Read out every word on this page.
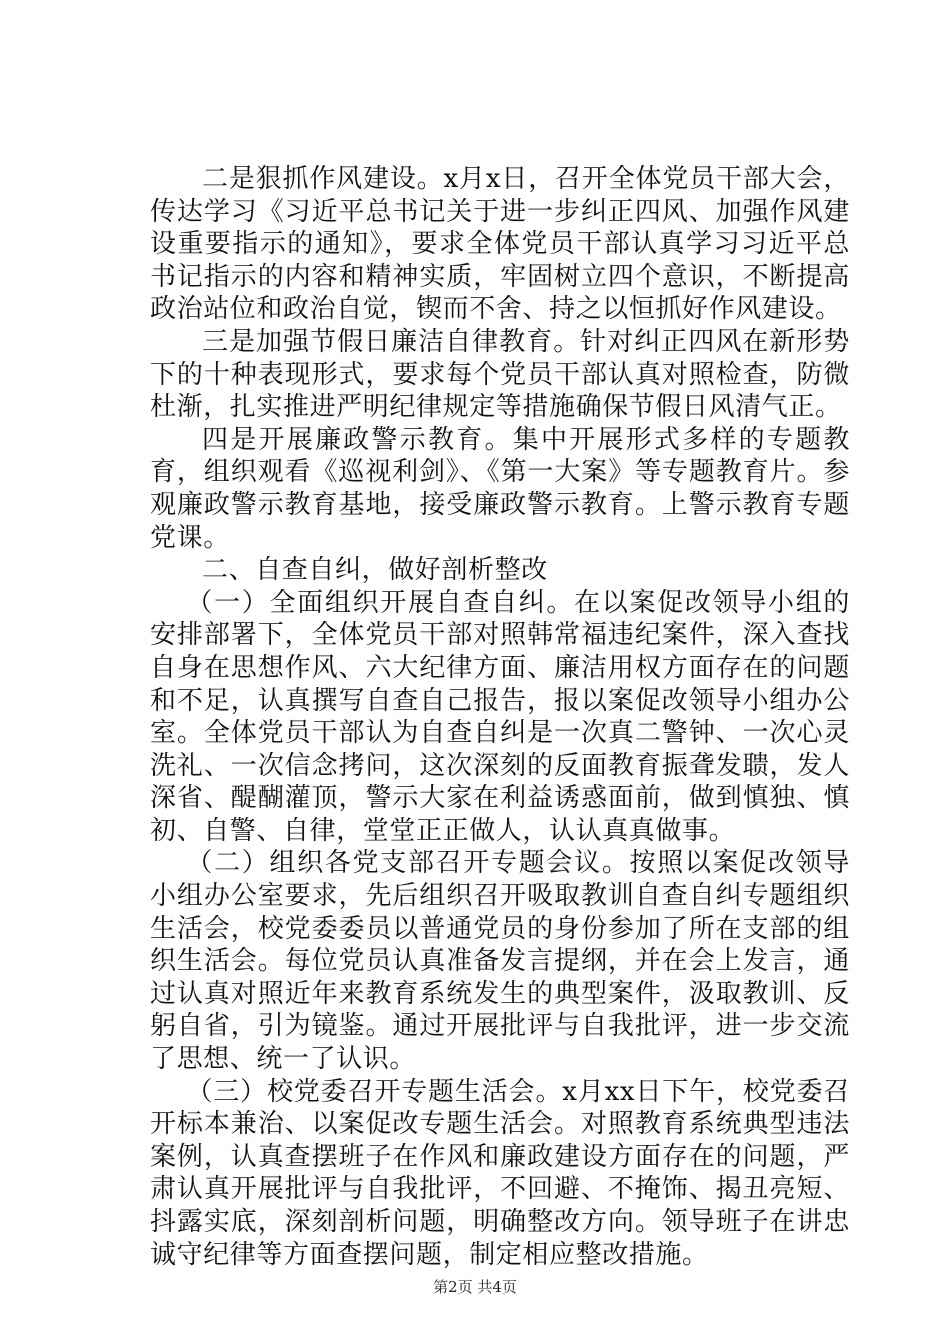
二是狠抓作风建设。x月x日，召开全体党员干部大会，传达学习《习近平总书记关于进一步纠正四风、加强作风建设重要指示的通知》，要求全体党员干部认真学习习近平总书记指示的内容和精神实质，牢固树立四个意识，不断提高政治站位和政治自觉，锲而不舍、持之以恒抓好作风建设。

三是加强节假日廉洁自律教育。针对纠正四风在新形势下的十种表现形式，要求每个党员干部认真对照检查，防微杜渐，扎实推进严明纪律规定等措施确保节假日风清气正。

四是开展廉政警示教育。集中开展形式多样的专题教育，组织观看《巡视利剑》、《第一大案》等专题教育片。参观廉政警示教育基地，接受廉政警示教育。上警示教育专题党课。

二、自查自纠，做好剖析整改

（一）全面组织开展自查自纠。在以案促改领导小组的安排部署下，全体党员干部对照韩常福违纪案件，深入查找自身在思想作风、六大纪律方面、廉洁用权方面存在的问题和不足，认真撰写自查自己报告，报以案促改领导小组办公室。全体党员干部认为自查自纠是一次真二警钟、一次心灵洗礼、一次信念拷问，这次深刻的反面教育振聋发聩，发人深省、醍醐灌顶，警示大家在利益诱惑面前，做到慎独、慎初、自警、自律，堂堂正正做人，认认真真做事。

（二）组织各党支部召开专题会议。按照以案促改领导小组办公室要求，先后组织召开吸取教训自查自纠专题组织生活会，校党委委员以普通党员的身份参加了所在支部的组织生活会。每位党员认真准备发言提纲，并在会上发言，通过认真对照近年来教育系统发生的典型案件，汲取教训、反躬自省，引为镜鉴。通过开展批评与自我批评，进一步交流了思想、统一了认识。

（三）校党委召开专题生活会。x月xx日下午，校党委召开标本兼治、以案促改专题生活会。对照教育系统典型违法案例，认真查摆班子在作风和廉政建设方面存在的问题，严肃认真开展批评与自我批评，不回避、不掩饰、揭丑亮短、抖露实底，深刻剖析问题，明确整改方向。领导班子在讲忠诚守纪律等方面查摆问题，制定相应整改措施。

第2页 共4页
